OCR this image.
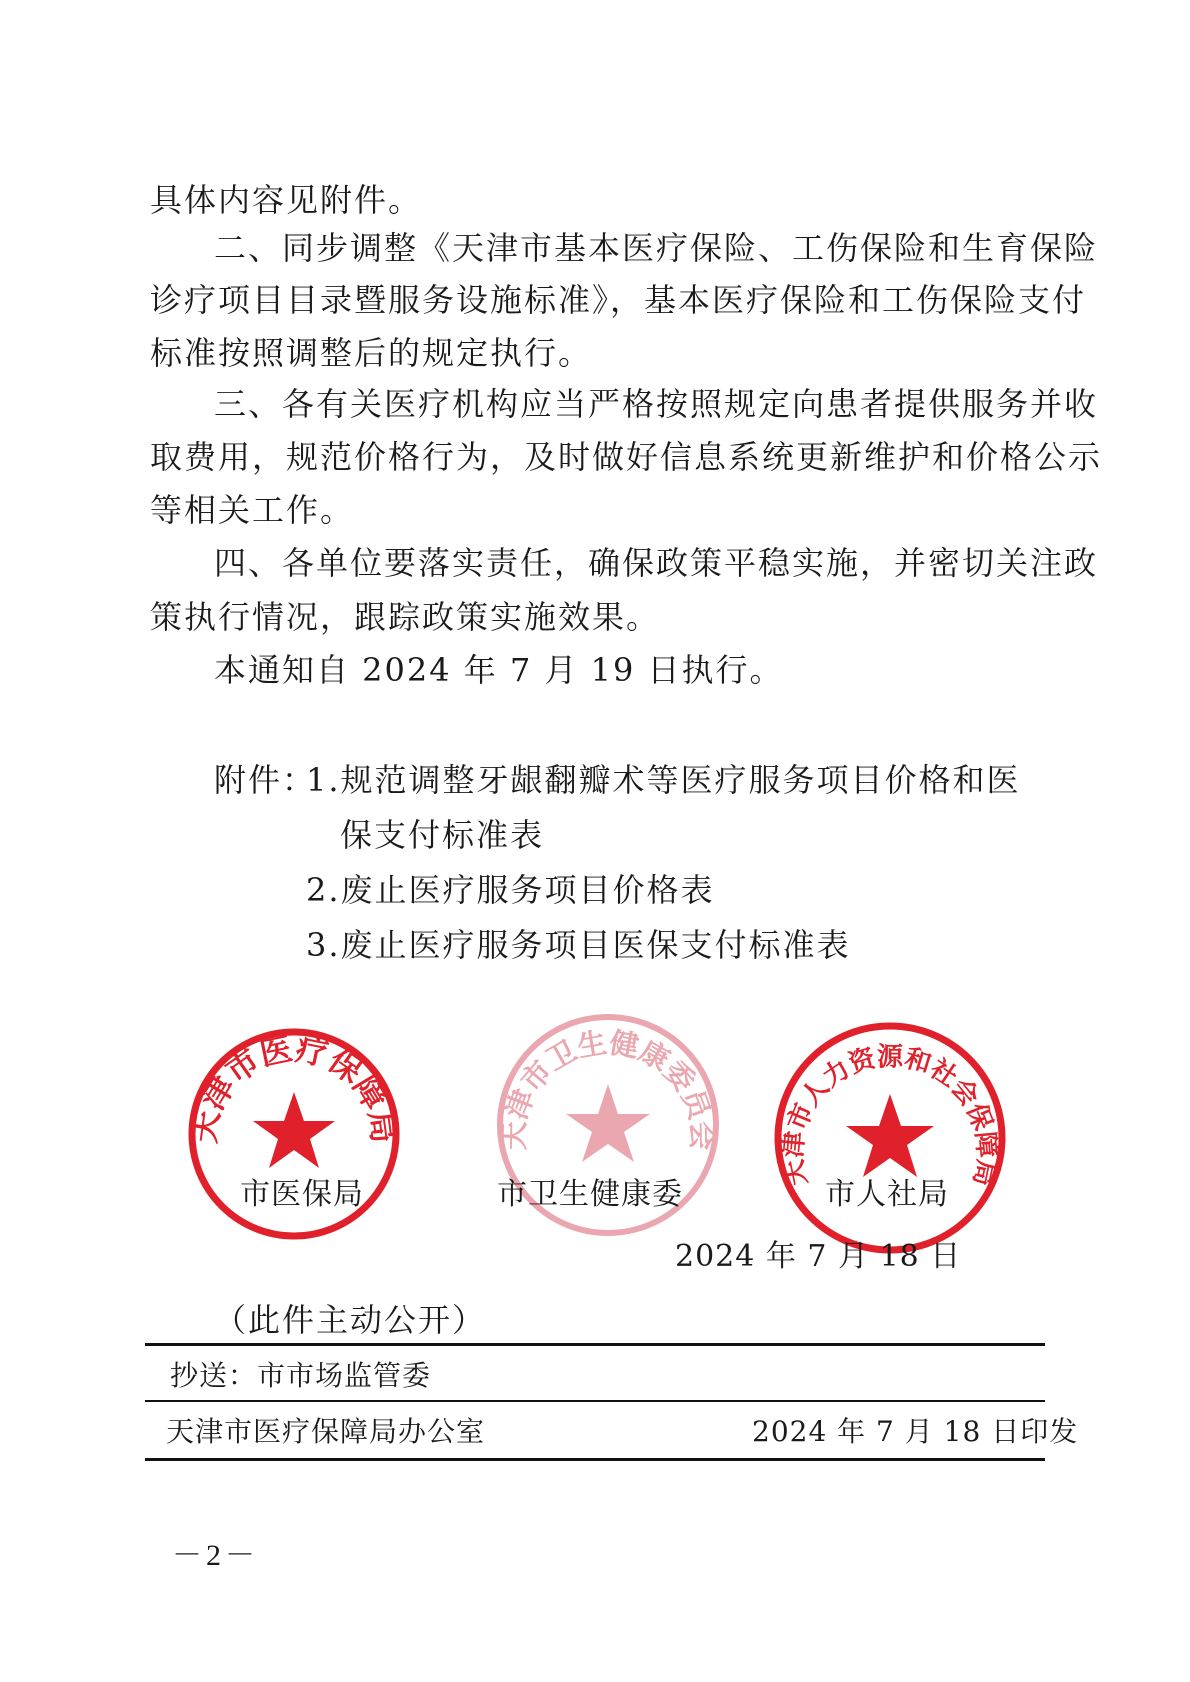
具体内容见附件。
二、同步调整《天津市基本医疗保险、工伤保险和生育保险
诊疗项目目录暨服务设施标准》，基本医疗保险和工伤保险支付
标准按照调整后的规定执行。
三、各有关医疗机构应当严格按照规定向患者提供服务并收
取费用，规范价格行为，及时做好信息系统更新维护和价格公示
等相关工作。
四、各单位要落实责任，确保政策平稳实施，并密切关注政
策执行情况，跟踪政策实施效果。
本通知自 2024 年 7 月 19 日执行。
附件：
1.规范调整牙龈翻瓣术等医疗服务项目价格和医
保支付标准表
2.废止医疗服务项目价格表
3.废止医疗服务项目医保支付标准表
天津市医疗保障局	天津市卫生健康委员会
天津市人力资源和社会保障局
市医保局	市卫生健康委	市人社局
2024 年 7 月 18 日
（此件主动公开）
抄送：市市场监管委
天津市医疗保障局办公室	2024 年 7 月 18 日印发
－2－
